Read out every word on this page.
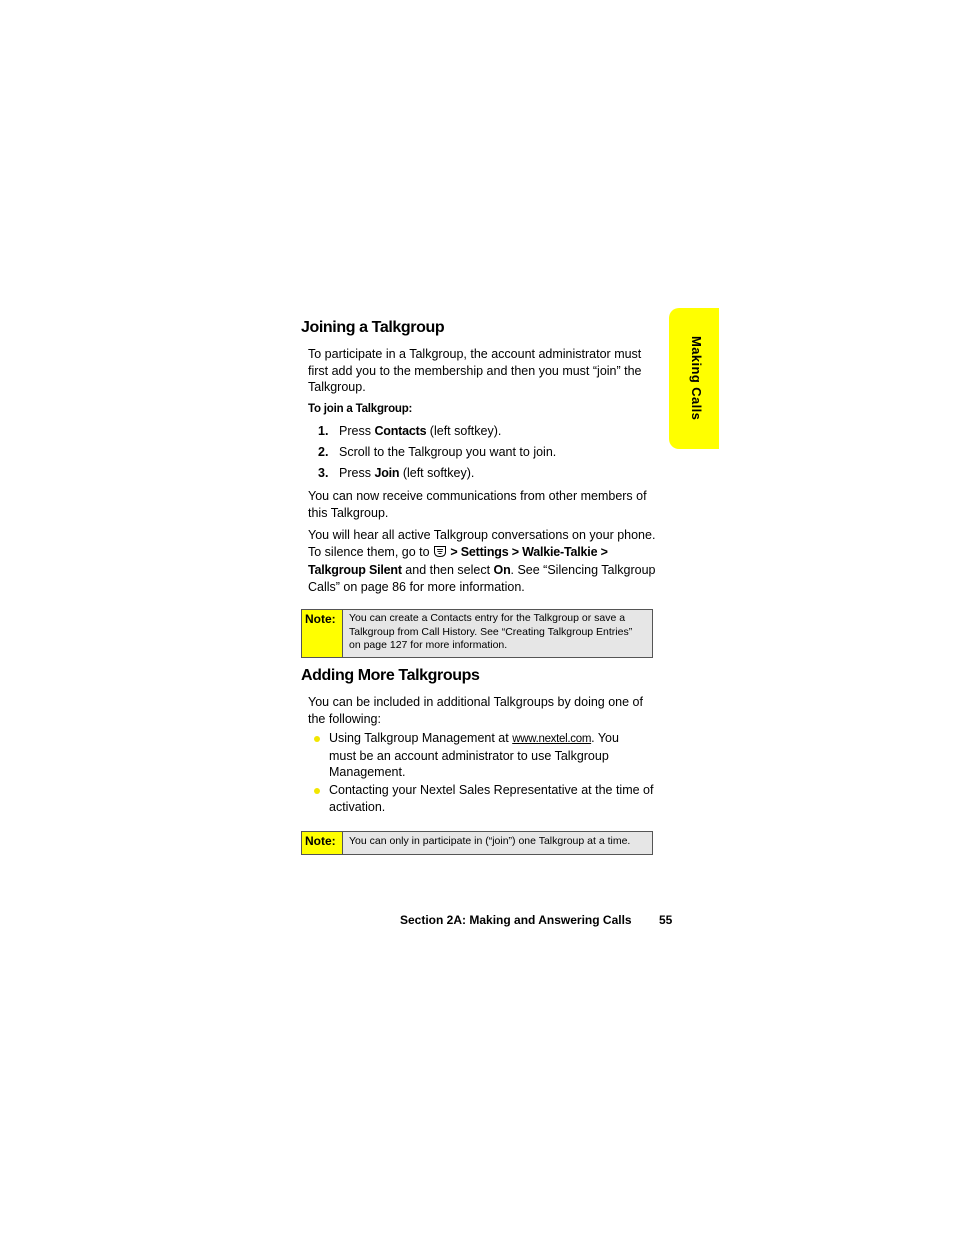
Making Calls
Joining a Talkgroup

To participate in a Talkgroup, the account administrator must first add you to the membership and then you must “join” the Talkgroup.

To join a Talkgroup:

1. Press Contacts (left softkey).
2. Scroll to the Talkgroup you want to join.
3. Press Join (left softkey).

You can now receive communications from other members of this Talkgroup.

You will hear all active Talkgroup conversations on your phone. To silence them, go to  > Settings > Walkie-Talkie > Talkgroup Silent and then select On. See “Silencing Talkgroup Calls” on page 86 for more information.

Note:	You can create a Contacts entry for the Talkgroup or save a Talkgroup from Call History. See “Creating Talkgroup Entries” on page 127 for more information.
Adding More Talkgroups

You can be included in additional Talkgroups by doing one of the following:

Using Talkgroup Management at www.nextel.com. You must be an account administrator to use Talkgroup Management.
Contacting your Nextel Sales Representative at the time of activation.
Note:	You can only in participate in (“join”) one Talkgroup at a time.
Section 2A: Making and Answering Calls 55
